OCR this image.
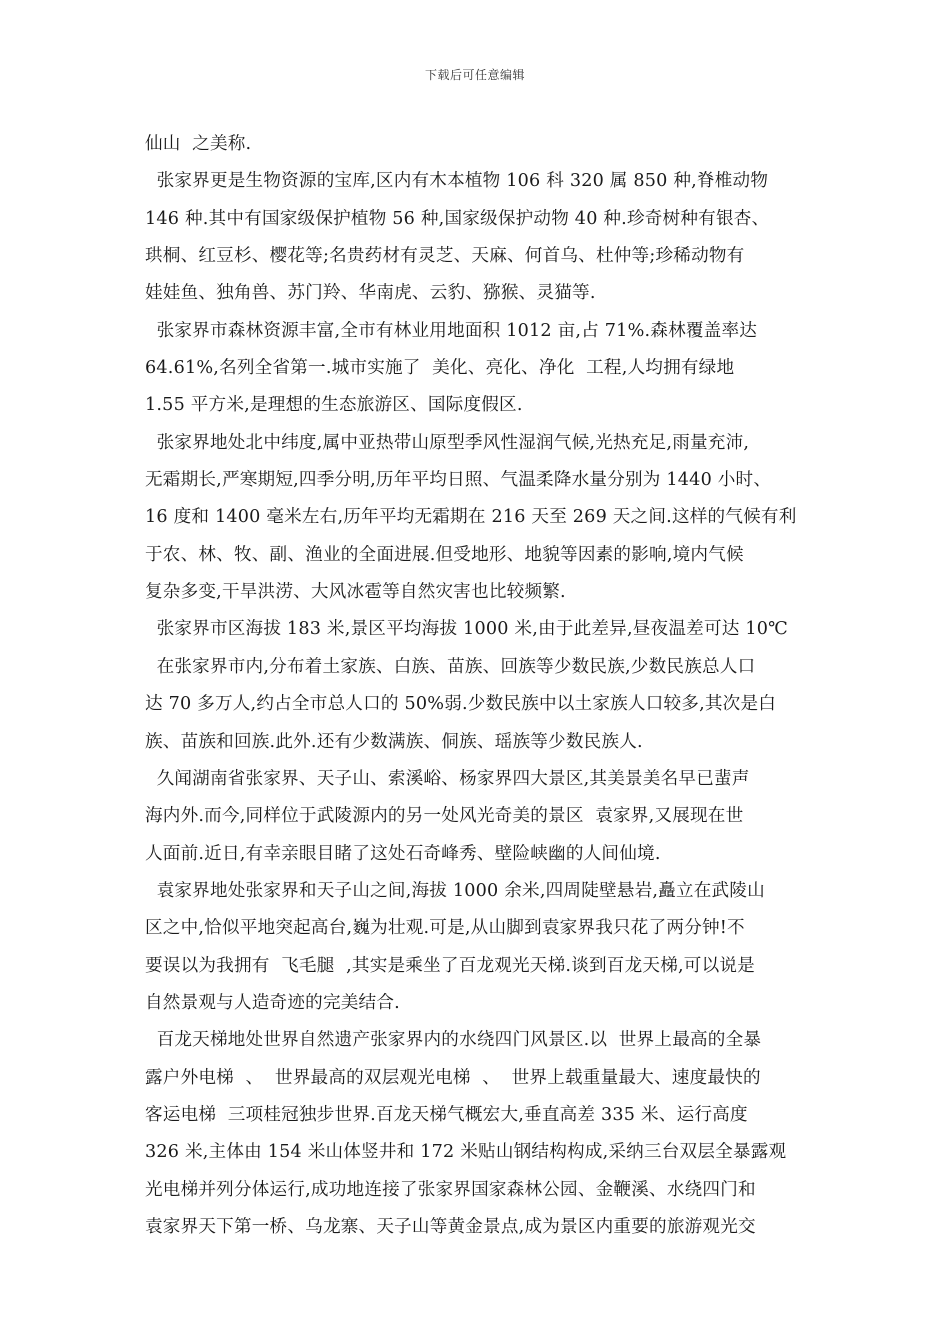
下载后可任意编辑
仙山  之美称.
张家界更是生物资源的宝库,区内有木本植物 106 科 320 属 850 种,脊椎动物
146 种.其中有国家级保护植物 56 种,国家级保护动物 40 种.珍奇树种有银杏、
珙桐、红豆杉、樱花等;名贵药材有灵芝、天麻、何首乌、杜仲等;珍稀动物有
娃娃鱼、独角兽、苏门羚、华南虎、云豹、猕猴、灵猫等.
张家界市森林资源丰富,全市有林业用地面积 1012 亩,占 71%.森林覆盖率达
64.61%,名列全省第一.城市实施了  美化、亮化、净化  工程,人均拥有绿地
1.55 平方米,是理想的生态旅游区、国际度假区.
张家界地处北中纬度,属中亚热带山原型季风性湿润气候,光热充足,雨量充沛,
无霜期长,严寒期短,四季分明,历年平均日照、气温柔降水量分别为 1440 小时、
16 度和 1400 毫米左右,历年平均无霜期在 216 天至 269 天之间.这样的气候有利
于农、林、牧、副、渔业的全面进展.但受地形、地貌等因素的影响,境内气候
复杂多变,干旱洪涝、大风冰雹等自然灾害也比较频繁.
张家界市区海拔 183 米,景区平均海拔 1000 米,由于此差异,昼夜温差可达 10℃
在张家界市内,分布着土家族、白族、苗族、回族等少数民族,少数民族总人口
达 70 多万人,约占全市总人口的 50%弱.少数民族中以土家族人口较多,其次是白
族、苗族和回族.此外.还有少数满族、侗族、瑶族等少数民族人.
久闻湖南省张家界、天子山、索溪峪、杨家界四大景区,其美景美名早已蜚声
海内外.而今,同样位于武陵源内的另一处风光奇美的景区  袁家界,又展现在世
人面前.近日,有幸亲眼目睹了这处石奇峰秀、壁险峡幽的人间仙境.
袁家界地处张家界和天子山之间,海拔 1000 余米,四周陡壁悬岩,矗立在武陵山
区之中,恰似平地突起高台,巍为壮观.可是,从山脚到袁家界我只花了两分钟!不
要误以为我拥有  飞毛腿  ,其实是乘坐了百龙观光天梯.谈到百龙天梯,可以说是
自然景观与人造奇迹的完美结合.
百龙天梯地处世界自然遗产张家界内的水绕四门风景区.以  世界上最高的全暴
露户外电梯  、  世界最高的双层观光电梯  、  世界上载重量最大、速度最快的
客运电梯  三项桂冠独步世界.百龙天梯气概宏大,垂直高差 335 米、运行高度
326 米,主体由 154 米山体竖井和 172 米贴山钢结构构成,采纳三台双层全暴露观
光电梯并列分体运行,成功地连接了张家界国家森林公园、金鞭溪、水绕四门和
袁家界天下第一桥、乌龙寨、天子山等黄金景点,成为景区内重要的旅游观光交
